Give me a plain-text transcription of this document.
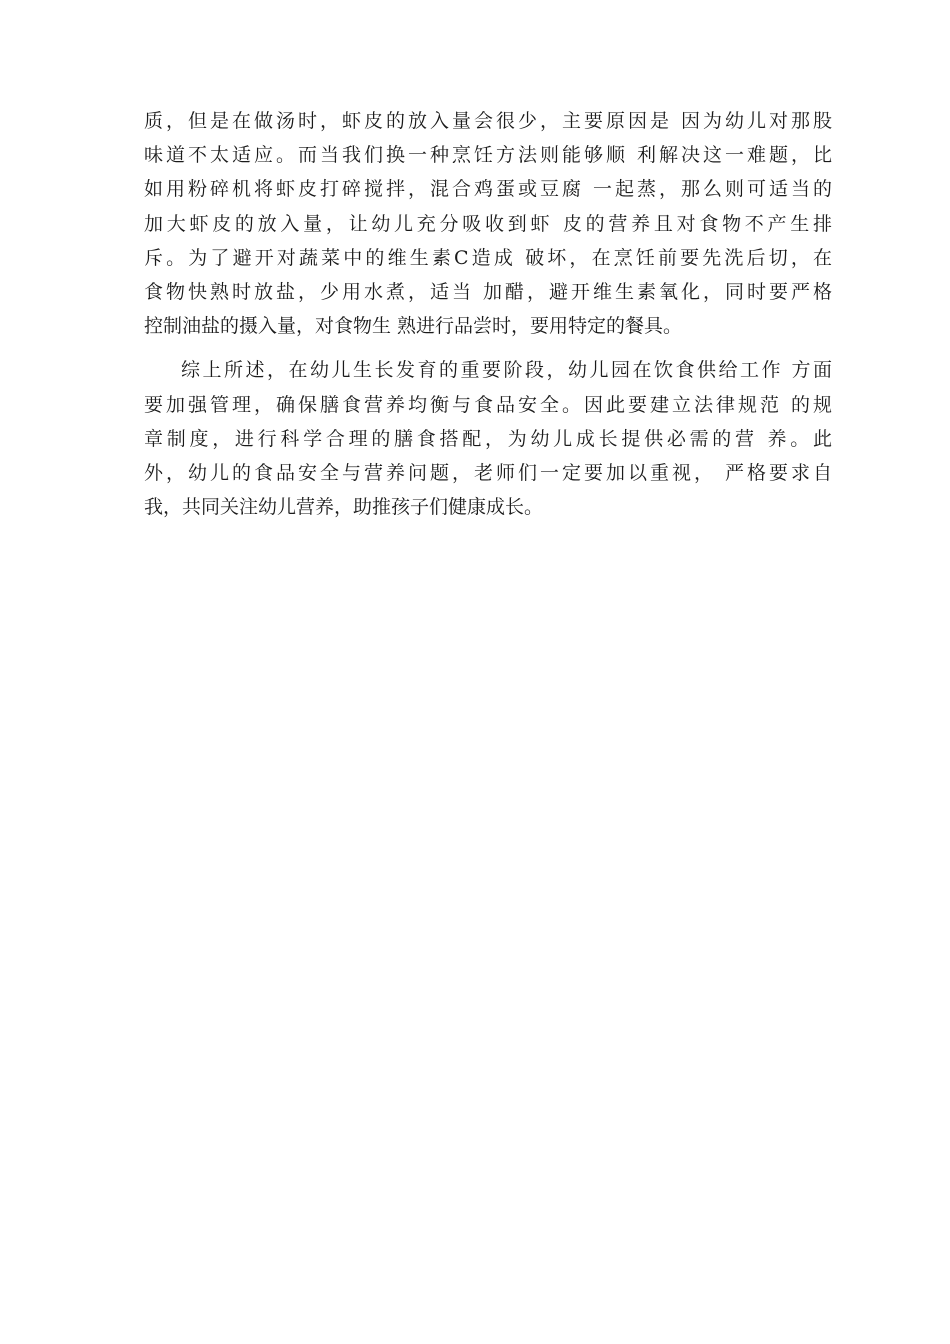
质，但是在做汤时，虾皮的放入量会很少，主要原因是 因为幼儿对那股
味道不太适应。而当我们换一种烹饪方法则能够顺 利解决这一难题，比
如用粉碎机将虾皮打碎搅拌，混合鸡蛋或豆腐 一起蒸，那么则可适当的
加大虾皮的放入量，让幼儿充分吸收到虾 皮的营养且对食物不产生排
斥。为了避开对蔬菜中的维生素C造成 破坏，在烹饪前要先洗后切，在
食物快熟时放盐，少用水煮，适当 加醋，避开维生素氧化，同时要严格
控制油盐的摄入量，对食物生 熟进行品尝时，要用特定的餐具。
综上所述，在幼儿生长发育的重要阶段，幼儿园在饮食供给工作 方面
要加强管理，确保膳食营养均衡与食品安全。因此要建立法律规范 的规
章制度，进行科学合理的膳食搭配，为幼儿成长提供必需的营 养。此
外，幼儿的食品安全与营养问题，老师们一定要加以重视， 严格要求自
我，共同关注幼儿营养，助推孩子们健康成长。
